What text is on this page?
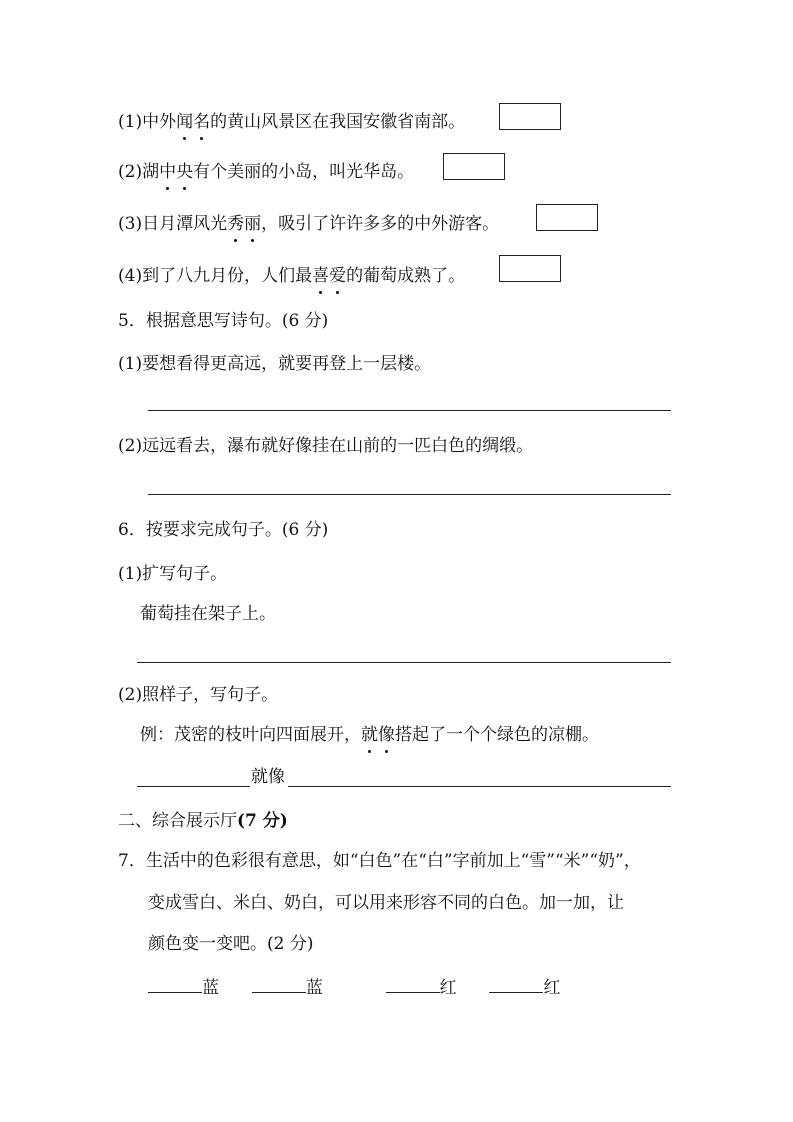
(1)中外闻名的黄山风景区在我国安徽省南部。
(2)湖中央有个美丽的小岛，叫光华岛。
(3)日月潭风光秀丽，吸引了许许多多的中外游客。
(4)到了八九月份，人们最喜爱的葡萄成熟了。
5．根据意思写诗句。(6 分)
(1)要想看得更高远，就要再登上一层楼。
(2)远远看去，瀑布就好像挂在山前的一匹白色的绸缎。
6．按要求完成句子。(6 分)
(1)扩写句子。
葡萄挂在架子上。
(2)照样子，写句子。
例：茂密的枝叶向四面展开，就像搭起了一个个绿色的凉棚。
就像
二、综合展示厅(7 分)
7．生活中的色彩很有意思，如“白色”在“白”字前加上“雪”“米”“奶”，
变成雪白、米白、奶白，可以用来形容不同的白色。加一加，让
颜色变一变吧。(2 分)
蓝	蓝	红	红
